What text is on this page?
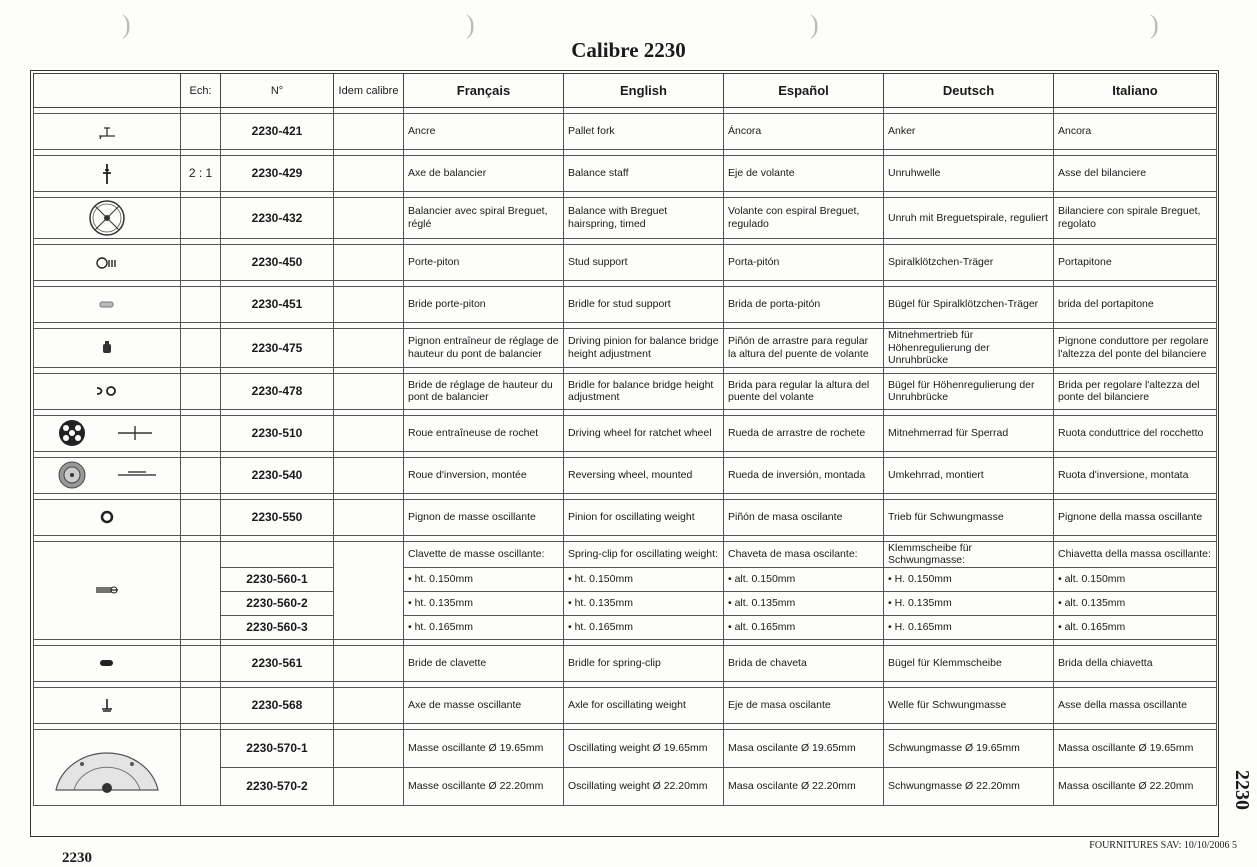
)	)	)	)
Calibre 2230
	Ech:	N°	Idem calibre	Français	English	Español	Deutsch	Italiano

		2230-421		Ancre	Pallet fork	Áncora	Anker	Ancora

	2 : 1	2230-429		Axe de balancier	Balance staff	Eje de volante	Unruhwelle	Asse del bilanciere

		2230-432		Balancier avec spiral Breguet, réglé	Balance with Breguet hairspring, timed	Volante con espiral Breguet, regulado	Unruh mit Breguetspirale, reguliert	Bilanciere con spirale Breguet, regolato

		2230-450		Porte-piton	Stud support	Porta-pitón	Spiralklötzchen-Träger	Portapitone

		2230-451		Bride porte-piton	Bridle for stud support	Brida de porta-pitón	Bügel für Spiralklötzchen-Träger	brida del portapitone

		2230-475		Pignon entraîneur de réglage de hauteur du pont de balancier	Driving pinion for balance bridge height adjustment	Piñón de arrastre para regular la altura del puente de volante	Mitnehmertrieb für Höhenregulierung der Unruhbrücke	Pignone conduttore per regolare l'altezza del ponte del bilanciere

		2230-478		Bride de réglage de hauteur du pont de balancier	Bridle for balance bridge height adjustment	Brida para regular la altura del puente del volante	Bügel für Höhenregulierung der Unruhbrücke	Brida per regolare l'altezza del ponte del bilanciere

		2230-510		Roue entraîneuse de rochet	Driving wheel for ratchet wheel	Rueda de arrastre de rochete	Mitnehmerrad für Sperrad	Ruota conduttrice del rocchetto

		2230-540		Roue d'inversion, montée	Reversing wheel, mounted	Rueda de inversión, montada	Umkehrrad, montiert	Ruota d'inversione, montata

		2230-550		Pignon de masse oscillante	Pinion for oscillating weight	Piñón de masa oscilante	Trieb für Schwungmasse	Pignone della massa oscillante

				Clavette de masse oscillante:	Spring-clip for oscillating weight:	Chaveta de masa oscilante:	Klemmscheibe für Schwungmasse:	Chiavetta della massa oscillante:
		2230-560-1		• ht. 0.150mm	• ht. 0.150mm	• alt. 0.150mm	• H. 0.150mm	• alt. 0.150mm
		2230-560-2		• ht. 0.135mm	• ht. 0.135mm	• alt. 0.135mm	• H. 0.135mm	• alt. 0.135mm
		2230-560-3		• ht. 0.165mm	• ht. 0.165mm	• alt. 0.165mm	• H. 0.165mm	• alt. 0.165mm

		2230-561		Bride de clavette	Bridle for spring-clip	Brida de chaveta	Bügel für Klemmscheibe	Brida della chiavetta

		2230-568		Axe de masse oscillante	Axle for oscillating weight	Eje de masa oscilante	Welle für Schwungmasse	Asse della massa oscillante

		2230-570-1		Masse oscillante Ø 19.65mm	Oscillating weight Ø 19.65mm	Masa oscilante Ø 19.65mm	Schwungmasse Ø 19.65mm	Massa oscillante Ø 19.65mm
		2230-570-2		Masse oscillante Ø 22.20mm	Oscillating weight Ø 22.20mm	Masa oscilante Ø 22.20mm	Schwungmasse Ø 22.20mm	Massa oscillante Ø 22.20mm 2230
FOURNITURES SAV: 10/10/2006 5
2230
